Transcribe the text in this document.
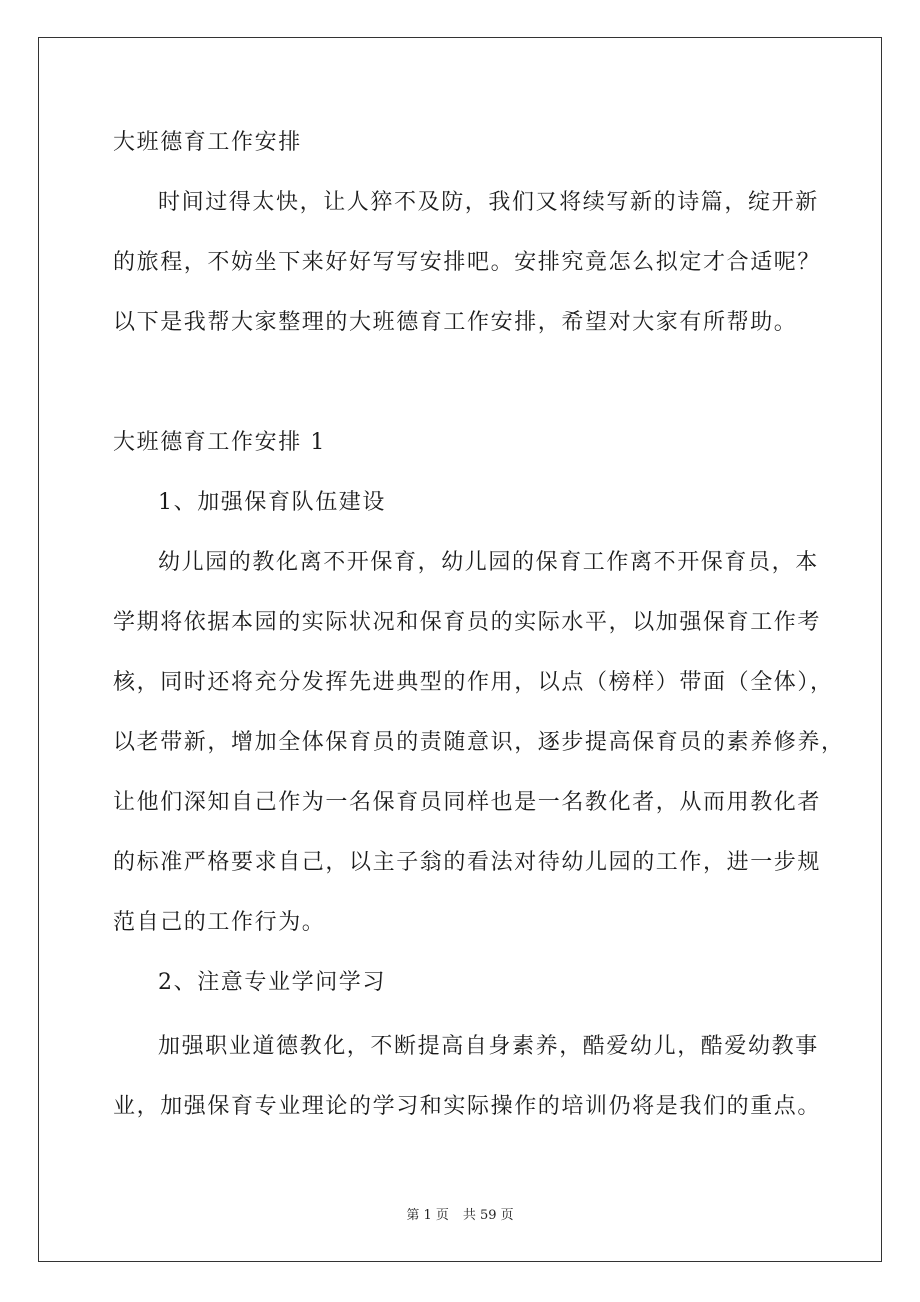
大班德育工作安排
时间过得太快，让人猝不及防，我们又将续写新的诗篇，绽开新
的旅程，不妨坐下来好好写写安排吧。安排究竟怎么拟定才合适呢？
以下是我帮大家整理的大班德育工作安排，希望对大家有所帮助。
大班德育工作安排 1
1、加强保育队伍建设
幼儿园的教化离不开保育，幼儿园的保育工作离不开保育员，本
学期将依据本园的实际状况和保育员的实际水平，以加强保育工作考
核，同时还将充分发挥先进典型的作用，以点（榜样）带面（全体），
以老带新，增加全体保育员的责随意识，逐步提高保育员的素养修养，
让他们深知自己作为一名保育员同样也是一名教化者，从而用教化者
的标准严格要求自己，以主子翁的看法对待幼儿园的工作，进一步规
范自己的工作行为。
2、注意专业学问学习
加强职业道德教化，不断提高自身素养，酷爱幼儿，酷爱幼教事
业，加强保育专业理论的学习和实际操作的培训仍将是我们的重点。
第 1 页 共 59 页
